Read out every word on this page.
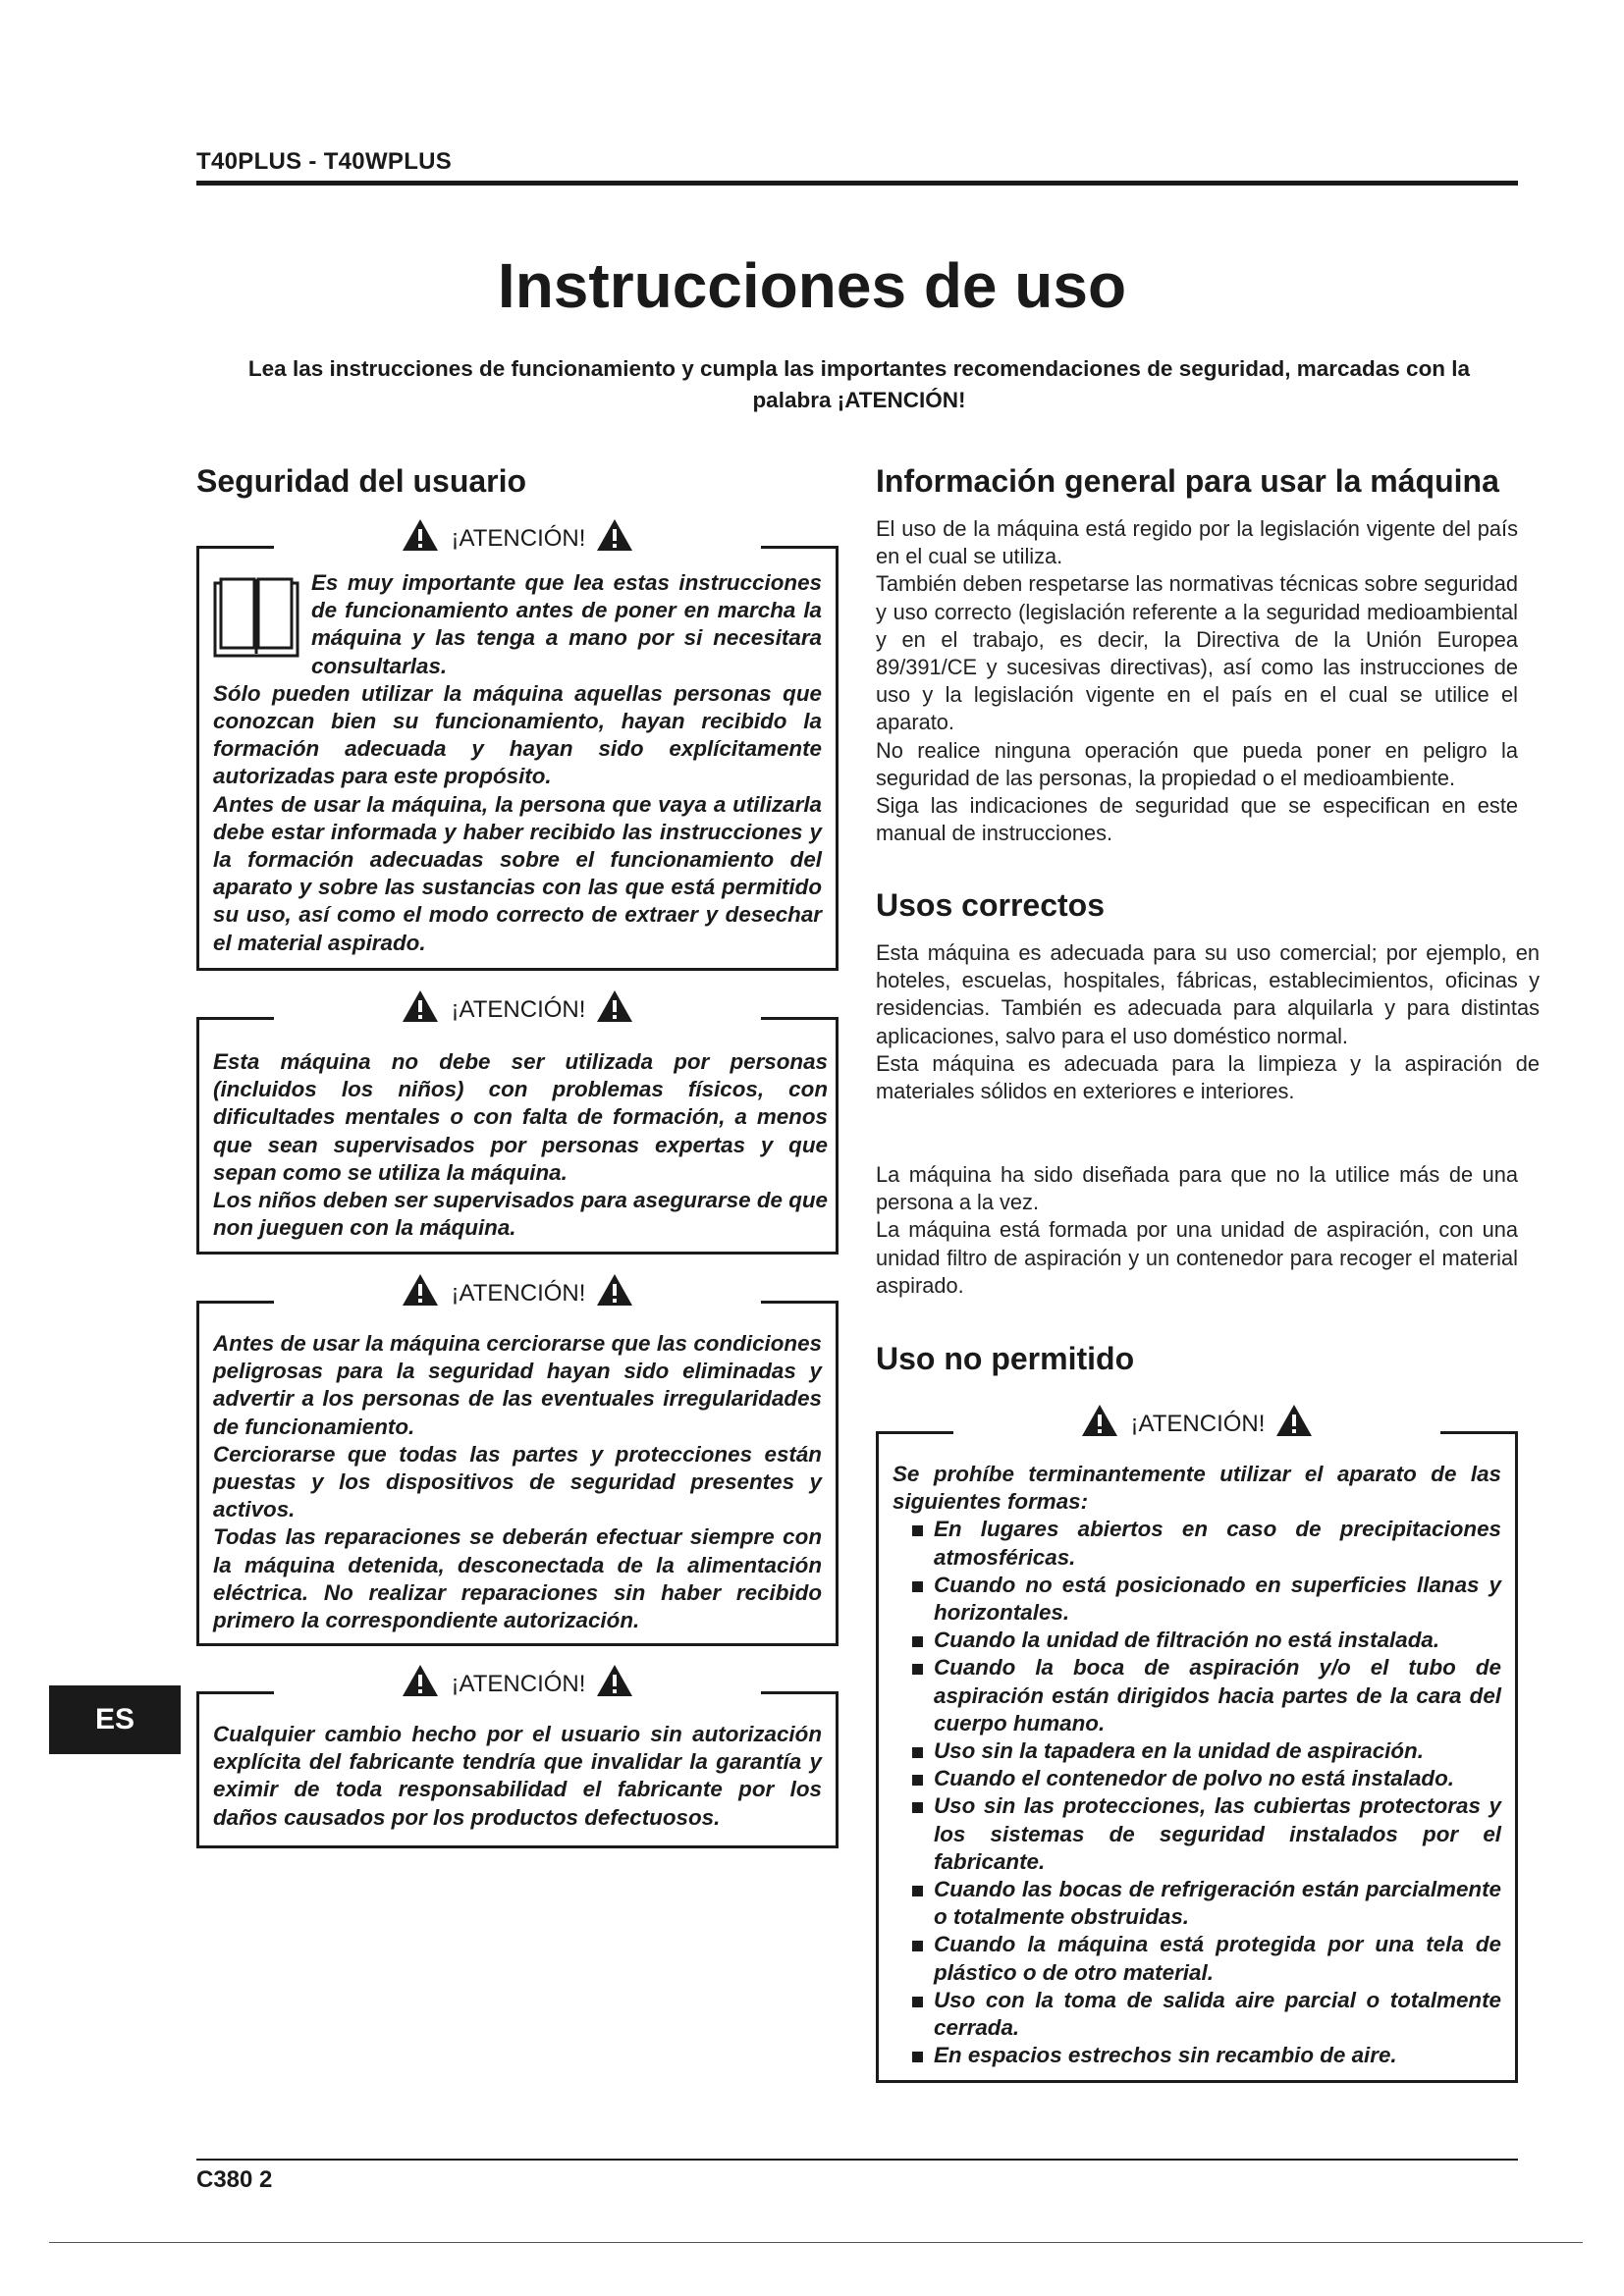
T40PLUS - T40WPLUS
Instrucciones de uso
Lea las instrucciones de funcionamiento y cumpla las importantes recomendaciones de seguridad, marcadas con la palabra ¡ATENCIÓN!
Seguridad del usuario
¡ATENCIÓN!

Es muy importante que lea estas instrucciones de funcionamiento antes de poner en marcha la máquina y las tenga a mano por si necesitara consultarlas.

Sólo pueden utilizar la máquina aquellas personas que conozcan bien su funcionamiento, hayan recibido la formación adecuada y hayan sido explícitamente autorizadas para este propósito.

Antes de usar la máquina, la persona que vaya a utilizarla debe estar informada y haber recibido las instrucciones y la formación adecuadas sobre el funcionamiento del aparato y sobre las sustancias con las que está permitido su uso, así como el modo correcto de extraer y desechar el material aspirado.

¡ATENCIÓN!

Esta máquina no debe ser utilizada por personas (incluidos los niños) con problemas físicos, con dificultades mentales o con falta de formación, a menos que sean supervisados por personas expertas y que sepan como se utiliza la máquina.

Los niños deben ser supervisados para asegurarse de que non jueguen con la máquina.

¡ATENCIÓN!

Antes de usar la máquina cerciorarse que las condiciones peligrosas para la seguridad hayan sido eliminadas y advertir a los personas de las eventuales irregularidades de funcionamiento.

Cerciorarse que todas las partes y protecciones están puestas y los dispositivos de seguridad presentes y activos.

Todas las reparaciones se deberán efectuar siempre con la máquina detenida, desconectada de la alimentación eléctrica. No realizar reparaciones sin haber recibido primero la correspondiente autorización.

¡ATENCIÓN!

Cualquier cambio hecho por el usuario sin autorización explícita del fabricante tendría que invalidar la garantía y eximir de toda responsabilidad el fabricante por los daños causados por los productos defectuosos.

ES
Información general para usar la máquina

El uso de la máquina está regido por la legislación vigente del país en el cual se utiliza.

También deben respetarse las normativas técnicas sobre seguridad y uso correcto (legislación referente a la seguridad medioambiental y en el trabajo, es decir, la Directiva de la Unión Europea 89/391/CE y sucesivas directivas), así como las instrucciones de uso y la legislación vigente en el país en el cual se utilice el aparato.

No realice ninguna operación que pueda poner en peligro la seguridad de las personas, la propiedad o el medioambiente.

Siga las indicaciones de seguridad que se especifican en este manual de instrucciones.

Usos correctos

Esta máquina es adecuada para su uso comercial; por ejemplo, en hoteles, escuelas, hospitales, fábricas, establecimientos, oficinas y residencias. También es adecuada para alquilarla y para distintas aplicaciones, salvo para el uso doméstico normal.

Esta máquina es adecuada para la limpieza y la aspiración de materiales sólidos en exteriores e interiores.

La máquina ha sido diseñada para que no la utilice más de una persona a la vez.

La máquina está formada por una unidad de aspiración, con una unidad filtro de aspiración y un contenedor para recoger el material aspirado.

Uso no permitido
¡ATENCIÓN!

Se prohíbe terminantemente utilizar el aparato de las siguientes formas:

En lugares abiertos en caso de precipitaciones atmosféricas.
Cuando no está posicionado en superficies llanas y horizontales.
Cuando la unidad de filtración no está instalada.
Cuando la boca de aspiración y/o el tubo de aspiración están dirigidos hacia partes de la cara del cuerpo humano.
Uso sin la tapadera en la unidad de aspiración.
Cuando el contenedor de polvo no está instalado.
Uso sin las protecciones, las cubiertas protectoras y los sistemas de seguridad instalados por el fabricante.
Cuando las bocas de refrigeración están parcialmente o totalmente obstruidas.
Cuando la máquina está protegida por una tela de plástico o de otro material.
Uso con la toma de salida aire parcial o totalmente cerrada.
En espacios estrechos sin recambio de aire.
C380 2
